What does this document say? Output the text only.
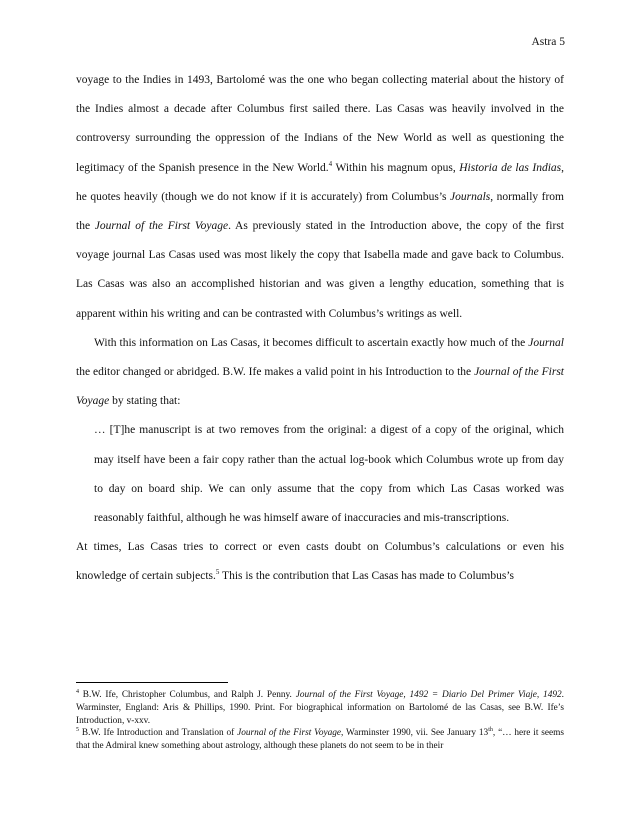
Astra 5

voyage to the Indies in 1493, Bartolomé was the one who began collecting material about the history of the Indies almost a decade after Columbus first sailed there. Las Casas was heavily involved in the controversy surrounding the oppression of the Indians of the New World as well as questioning the legitimacy of the Spanish presence in the New World.$^4$ Within his magnum opus, Historia de las Indias, he quotes heavily (though we do not know if it is accurately) from Columbus’s Journals, normally from the Journal of the First Voyage. As previously stated in the Introduction above, the copy of the first voyage journal Las Casas used was most likely the copy that Isabella made and gave back to Columbus. Las Casas was also an accomplished historian and was given a lengthy education, something that is apparent within his writing and can be contrasted with Columbus’s writings as well.

With this information on Las Casas, it becomes difficult to ascertain exactly how much of the Journal the editor changed or abridged. B.W. Ife makes a valid point in his Introduction to the Journal of the First Voyage by stating that:

… [T]he manuscript is at two removes from the original: a digest of a copy of the original, which may itself have been a fair copy rather than the actual log-book which Columbus wrote up from day to day on board ship. We can only assume that the copy from which Las Casas worked was reasonably faithful, although he was himself aware of inaccuracies and mis-transcriptions.

At times, Las Casas tries to correct or even casts doubt on Columbus’s calculations or even his knowledge of certain subjects.$^5$ This is the contribution that Las Casas has made to Columbus’s

$^4$ B.W. Ife, Christopher Columbus, and Ralph J. Penny. Journal of the First Voyage, 1492 = Diario Del Primer Viaje, 1492. Warminster, England: Aris & Phillips, 1990. Print. For biographical information on Bartolomé de las Casas, see B.W. Ife’s Introduction, v-xxv.

$^5$ B.W. Ife Introduction and Translation of Journal of the First Voyage, Warminster 1990, vii. See January 13th, “… here it seems that the Admiral knew something about astrology, although these planets do not seem to be in their
